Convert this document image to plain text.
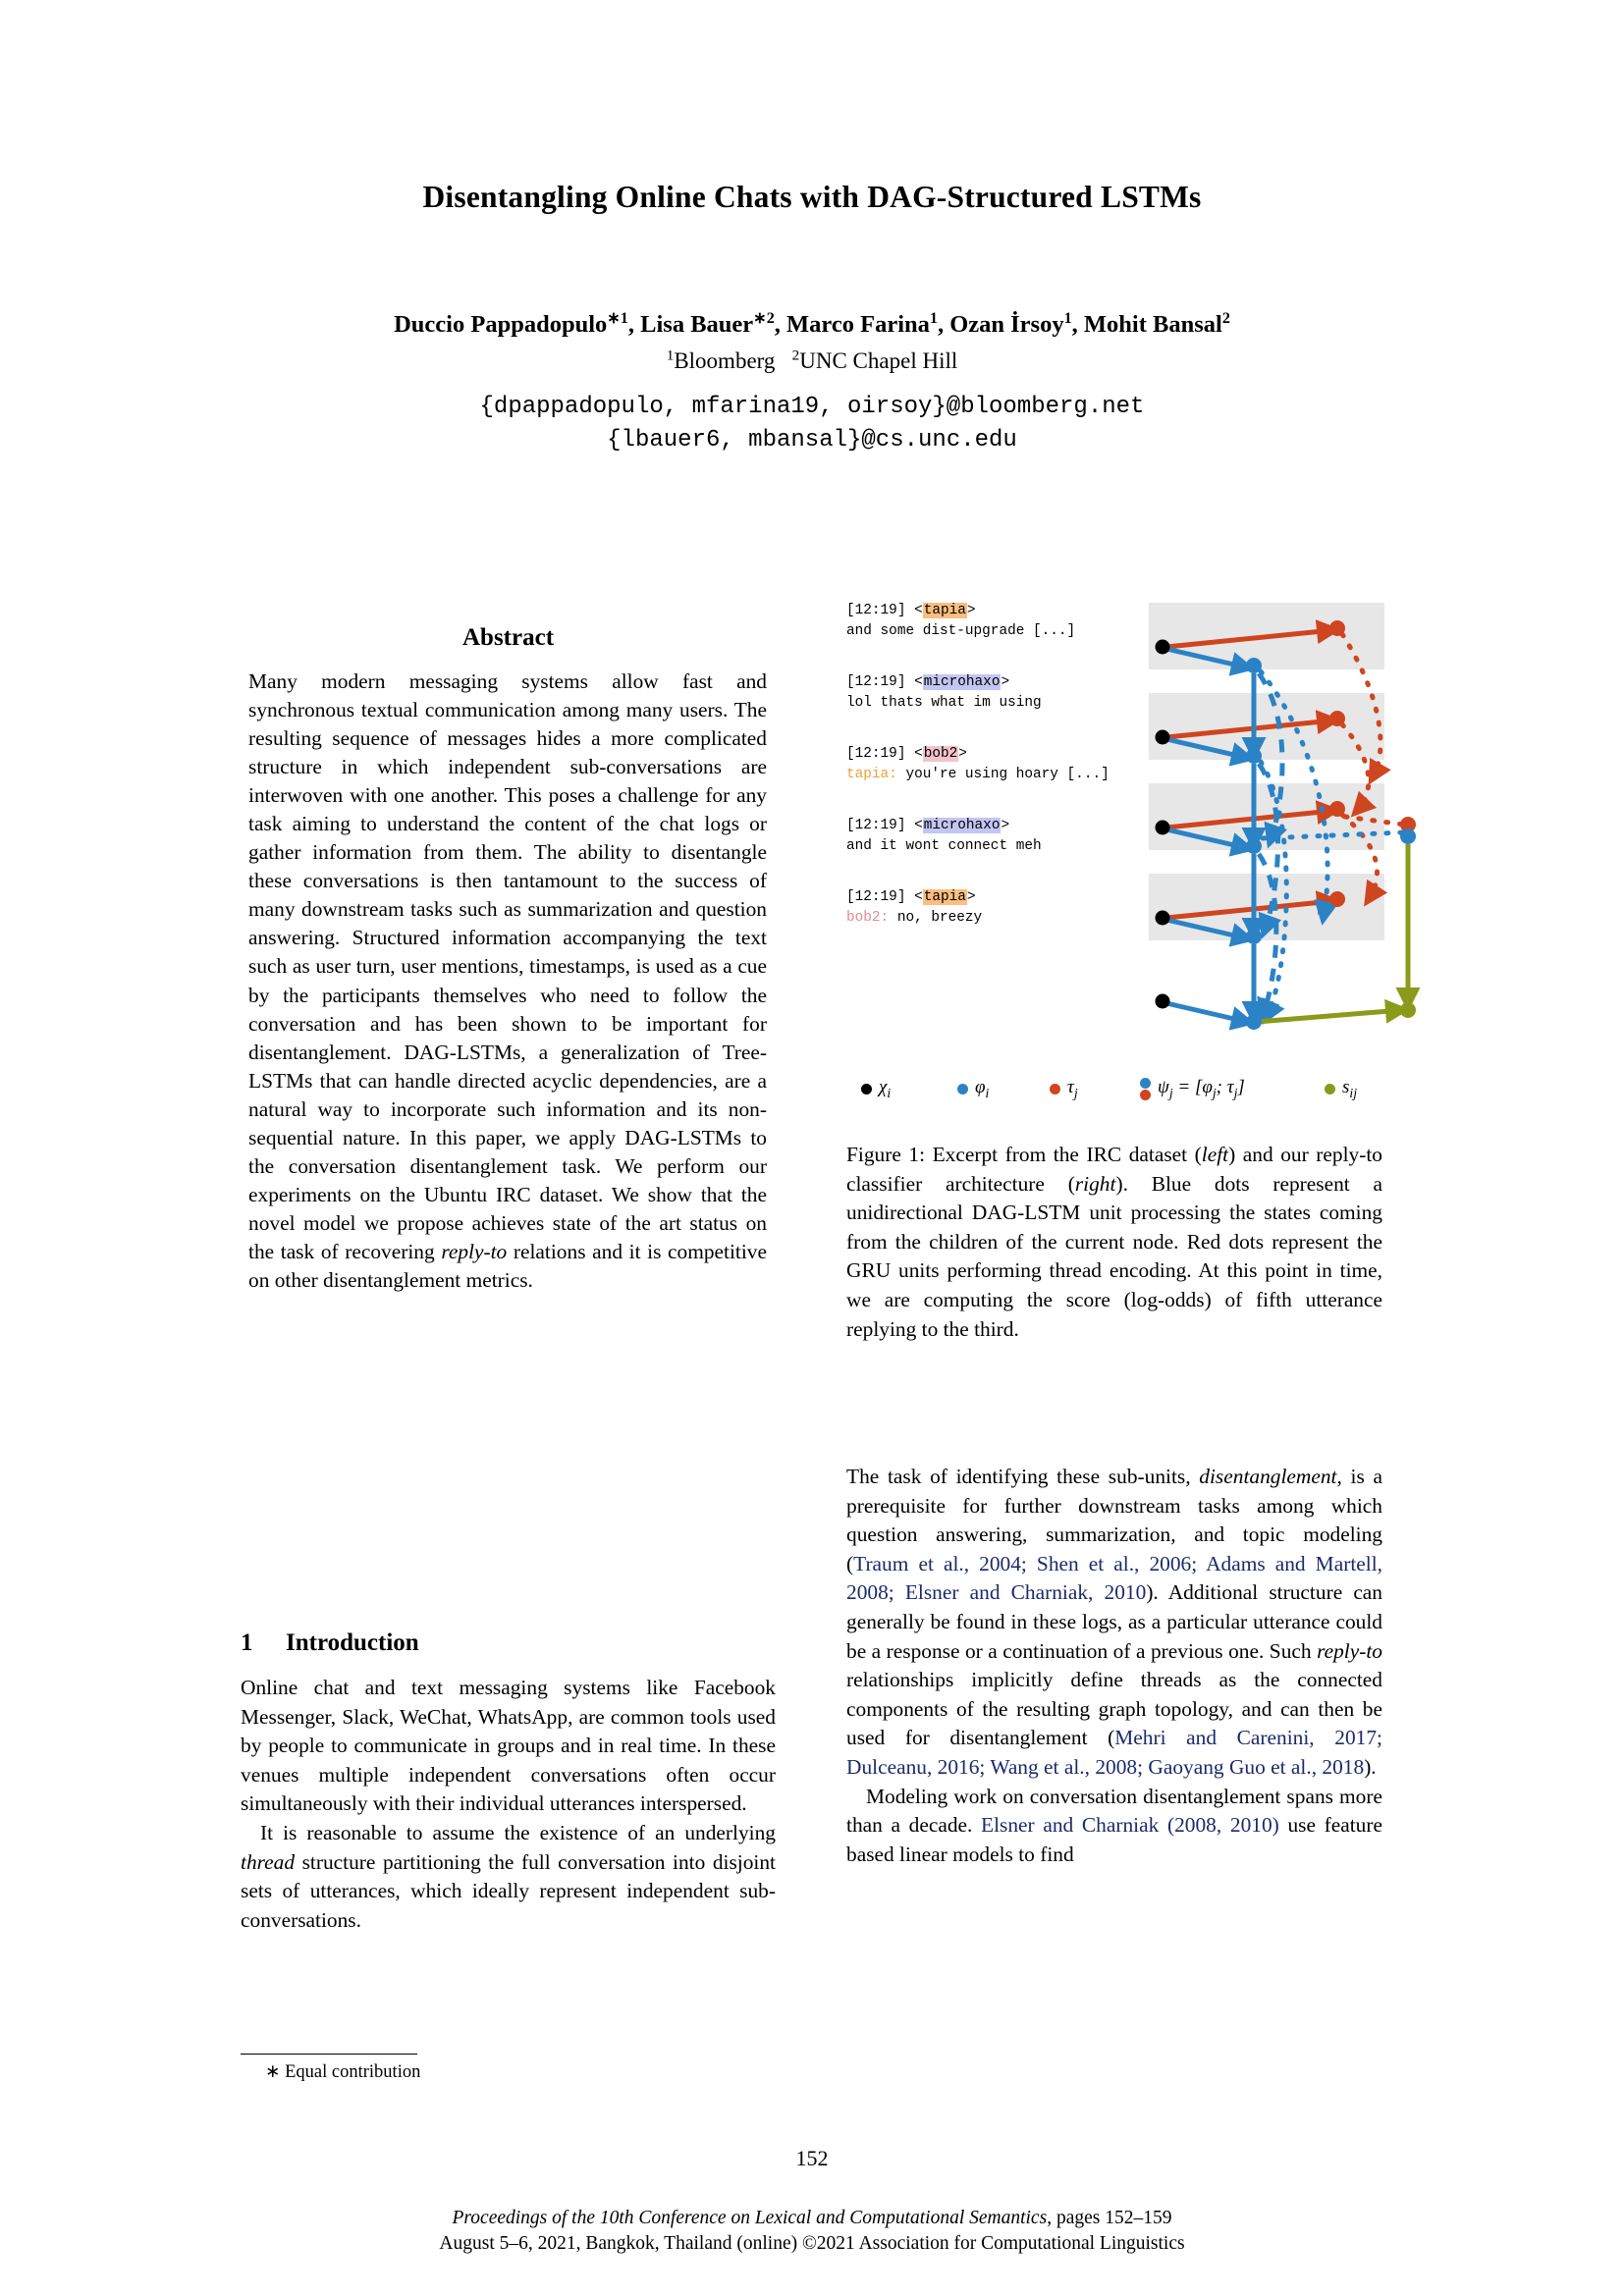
Disentangling Online Chats with DAG-Structured LSTMs
Duccio Pappadopulo$^{∗1}$, Lisa Bauer$^{∗2}$, Marco Farina$^1$, Ozan İrsoy$^1$, Mohit Bansal$^2$
$^1$Bloomberg $^2$UNC Chapel Hill
{dpappadopulo, mfarina19, oirsoy}@bloomberg.net
{lbauer6, mbansal}@cs.unc.edu
Abstract
Many modern messaging systems allow fast and synchronous textual communication among many users. The resulting sequence of messages hides a more complicated structure in which independent sub-conversations are interwoven with one another. This poses a challenge for any task aiming to understand the content of the chat logs or gather information from them. The ability to disentangle these conversations is then tantamount to the success of many downstream tasks such as summarization and question answering. Structured information accompanying the text such as user turn, user mentions, timestamps, is used as a cue by the participants themselves who need to follow the conversation and has been shown to be important for disentanglement. DAG-LSTMs, a generalization of Tree-LSTMs that can handle directed acyclic dependencies, are a natural way to incorporate such information and its non-sequential nature. In this paper, we apply DAG-LSTMs to the conversation disentanglement task. We perform our experiments on the Ubuntu IRC dataset. We show that the novel model we propose achieves state of the art status on the task of recovering reply-to relations and it is competitive on other disentanglement metrics.
1 Introduction

Online chat and text messaging systems like Facebook Messenger, Slack, WeChat, WhatsApp, are common tools used by people to communicate in groups and in real time. In these venues multiple independent conversations often occur simultaneously with their individual utterances interspersed.

It is reasonable to assume the existence of an underlying thread structure partitioning the full conversation into disjoint sets of utterances, which ideally represent independent sub-conversations.

[12:19] <tapia>
and some dist-upgrade [...]
[12:19] <microhaxo>
lol thats what im using
[12:19] <bob2>
tapia: you're using hoary [...]
[12:19] <microhaxo>
and it wont connect meh
[12:19] <tapia>
bob2: no, breezy
$\chi_i$	$\varphi_i$	$\tau_j$	$\psi_j = [\varphi_j$; $\tau_j$]	$s_{ij}$
Figure 1: Excerpt from the IRC dataset (left) and our reply-to classifier architecture (right). Blue dots represent a unidirectional DAG-LSTM unit processing the states coming from the children of the current node. Red dots represent the GRU units performing thread encoding. At this point in time, we are computing the score (log-odds) of fifth utterance replying to the third.

The task of identifying these sub-units, disentanglement, is a prerequisite for further downstream tasks among which question answering, summarization, and topic modeling (Traum et al., 2004; Shen et al., 2006; Adams and Martell, 2008; Elsner and Charniak, 2010). Additional structure can generally be found in these logs, as a particular utterance could be a response or a continuation of a previous one. Such reply-to relationships implicitly define threads as the connected components of the resulting graph topology, and can then be used for disentanglement (Mehri and Carenini, 2017; Dulceanu, 2016; Wang et al., 2008; Gaoyang Guo et al., 2018).

Modeling work on conversation disentanglement spans more than a decade. Elsner and Charniak (2008, 2010) use feature based linear models to find

∗ Equal contribution
152
Proceedings of the 10th Conference on Lexical and Computational Semantics, pages 152–159
August 5–6, 2021, Bangkok, Thailand (online) ©2021 Association for Computational Linguistics
